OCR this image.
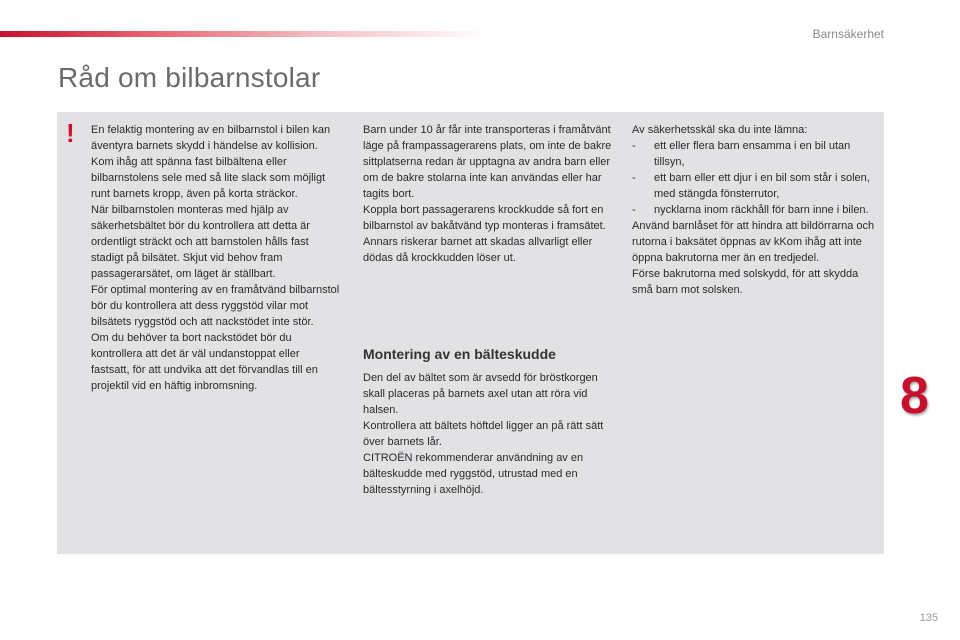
Barnsäkerhet
Råd om bilbarnstolar
! En felaktig montering av en bilbarnstol i bilen kan äventyra barnets skydd i händelse av kollision.

Kom ihåg att spänna fast bilbältena eller bilbarnstolens sele med så lite slack som möjligt runt barnets kropp, även på korta sträckor.

När bilbarnstolen monteras med hjälp av säkerhetsbältet bör du kontrollera att detta är ordentligt sträckt och att barnstolen hålls fast stadigt på bilsätet. Skjut vid behov fram passagerarsätet, om läget är ställbart.

För optimal montering av en framåtvänd bilbarnstol bör du kontrollera att dess ryggstöd vilar mot bilsätets ryggstöd och att nackstödet inte stör.

Om du behöver ta bort nackstödet bör du kontrollera att det är väl undanstoppat eller fastsatt, för att undvika att det förvandlas till en projektil vid en häftig inbromsning.

Barn under 10 år får inte transporteras i framåtvänt läge på frampassagerarens plats, om inte de bakre sittplatserna redan är upptagna av andra barn eller om de bakre stolarna inte kan användas eller har tagits bort.

Koppla bort passagerarens krockkudde så fort en bilbarnstol av bakåtvänd typ monteras i framsätet.

Annars riskerar barnet att skadas allvarligt eller dödas då krockkudden löser ut.

Montering av en bälteskudde

Den del av bältet som är avsedd för bröstkorgen skall placeras på barnets axel utan att röra vid halsen.

Kontrollera att bältets höftdel ligger an på rätt sätt över barnets lår.

CITROËN rekommenderar användning av en bälteskudde med ryggstöd, utrustad med en bältesstyrning i axelhöjd.

Av säkerhetsskäl ska du inte lämna:

-	ett eller flera barn ensamma i en bil utan tillsyn,
-	ett barn eller ett djur i en bil som står i solen, med stängda fönsterrutor,
-	nycklarna inom räckhåll för barn inne i bilen.

Använd barnlåset för att hindra att bildörrarna och rutorna i baksätet öppnas av kKom ihåg att inte öppna bakrutorna mer än en tredjedel.

Förse bakrutorna med solskydd, för att skydda små barn mot solsken.

8
135
